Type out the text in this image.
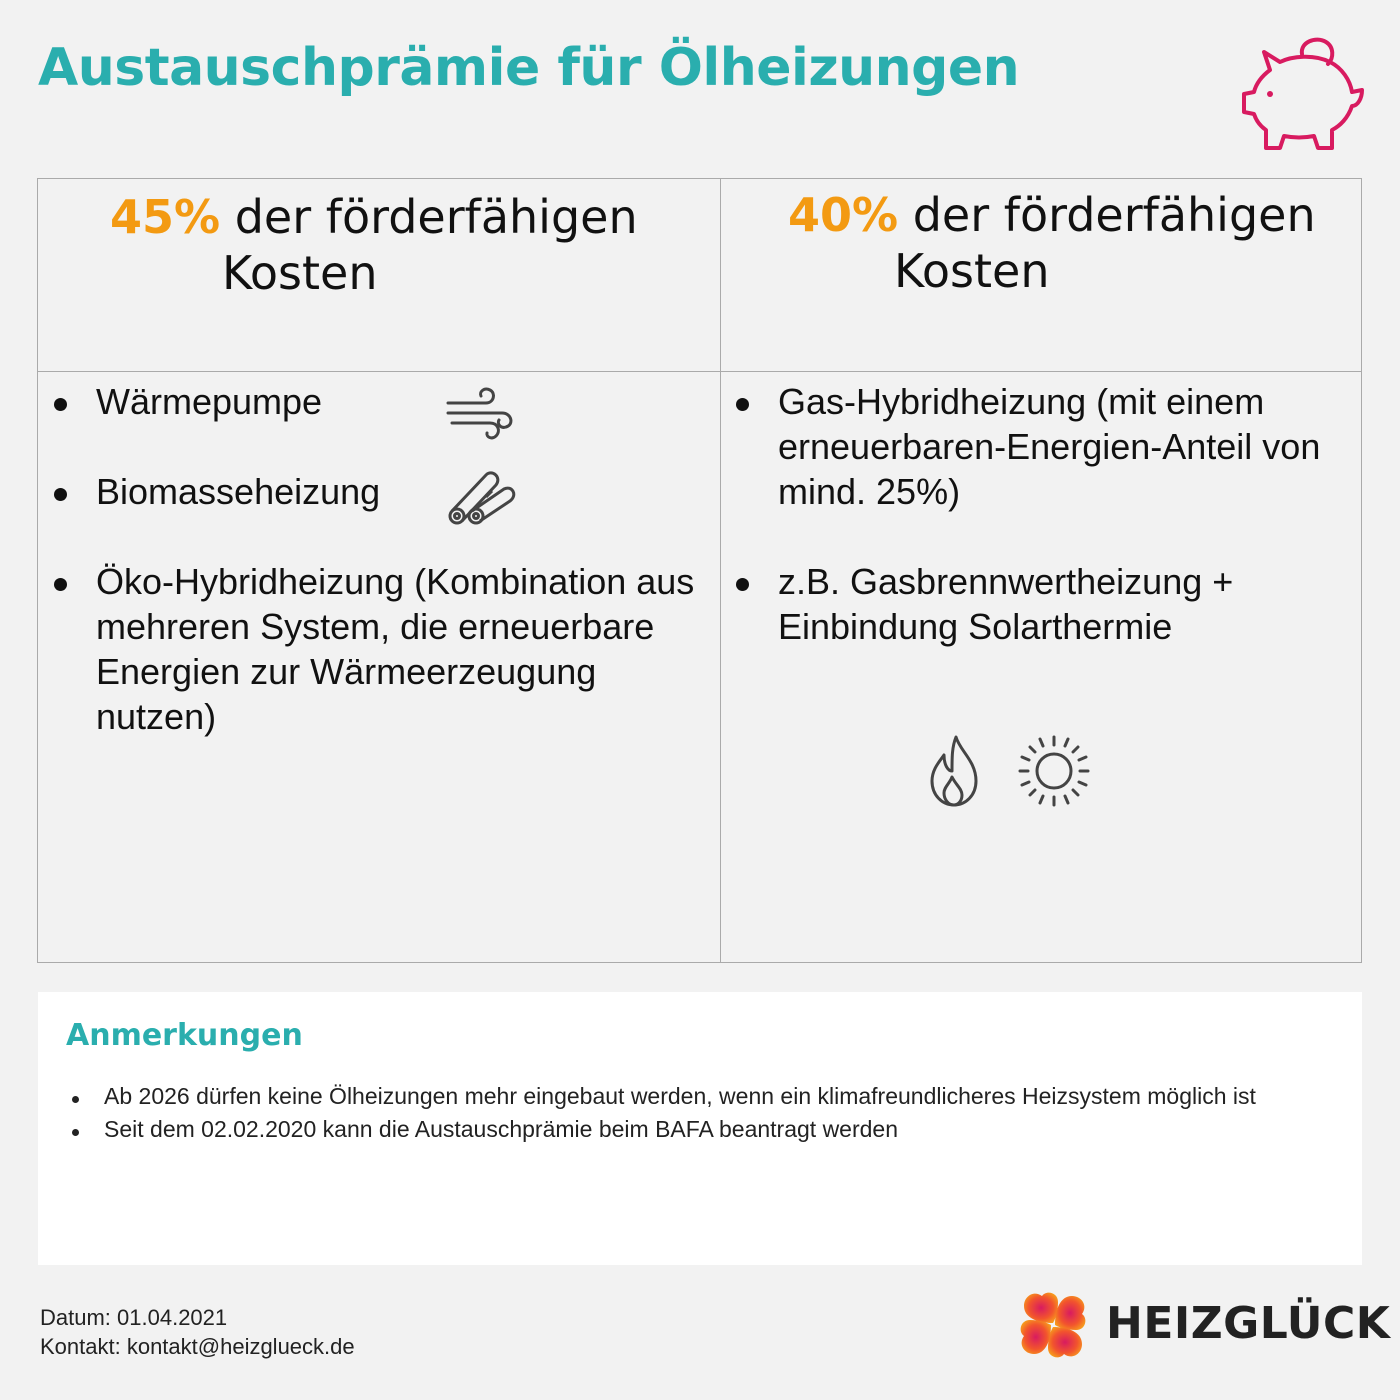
Austauschprämie für Ölheizungen
45% der förderfähigen
Kosten
40% der förderfähigen
Kosten
Wärmepumpe
Biomasseheizung
Öko-Hybridheizung (Kombination aus mehreren System, die erneuerbare Energien zur Wärmeerzeugung nutzen)
Gas-Hybridheizung (mit einem erneuerbaren-Energien-Anteil von mind. 25%)
z.B. Gasbrennwertheizung + Einbindung Solarthermie
Anmerkungen
Ab 2026 dürfen keine Ölheizungen mehr eingebaut werden, wenn ein klimafreundlicheres Heizsystem möglich ist
Seit dem 02.02.2020 kann die Austauschprämie beim BAFA beantragt werden
Datum: 01.04.2021
Kontakt: kontakt@heizglueck.de	HEIZGLÜCK
